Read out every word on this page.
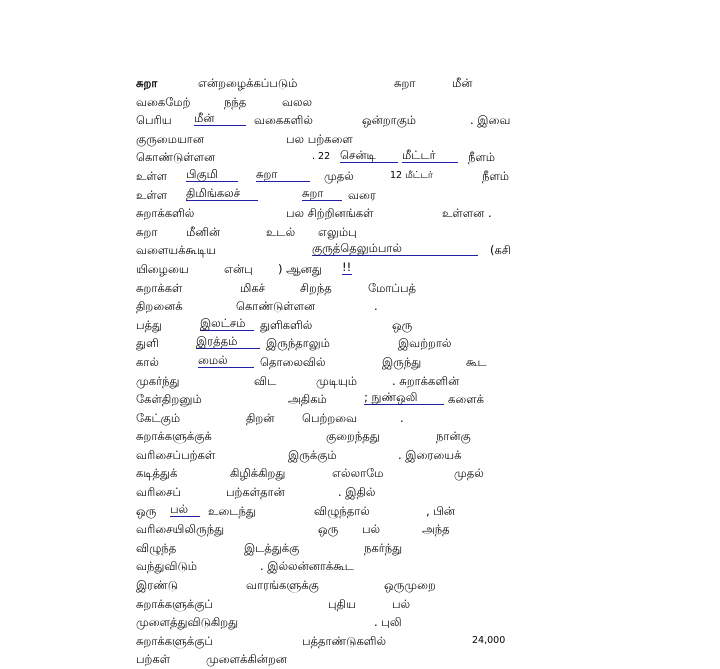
சுறா	என்றழைக்கப்படும்	சுறா	மீன்
வகைமேற்	நந்த	வலல
பெரிய மீன்	வகைகளில்	ஒன்றாகும்	. இவை
குருமையான	பல பற்களை
கொண்டுள்ளன	. 22 சென்டி	மீட்டர்	நீளம்
உள்ள பிகுமி	சுறா	முதல்	12 மீட்டர்	நீளம்
உள்ள திமிங்கலச்	சுறா	வரை
சுறாக்களில்	பல சிற்றினங்கள்	உள்ளன .
சுறா மீனின்	உடல் எலும்பு
வளையக்கூடிய	குருத்தெலும்பால்	(கசி
யிழையை	என்பு ) ஆனது !!
சுறாக்கள்	மிகச்	சிறந்த	மோப்பத்
திறனைக்	கொண்டுள்ளன	.
பத்து	இலட்சம்	துளிகளில்	ஒரு
துளி	இரத்தம்	இருந்தாலும்	இவற்றால்
கால்	மைல்	தொலைவில்	இருந்து	கூட
முகர்ந்து	விட	முடியும்	. சுறாக்களின்
கேள்திறனும்	அதிகம்	; நுண்ஒலி	களைக்
கேட்கும்	திறன் பெற்றவை	.
சுறாக்களுக்குக்	குறைந்தது	நான்கு
வரிசைப்பற்கள்	இருக்கும்	. இரையைக்
கடித்துக்	கிழிக்கிறது	எல்லாமே	முதல்
வரிசைப்	பற்கள்தான்	. இதில்
ஒரு பல்	உடைந்து	விழுந்தால்	, பின்
வரிசையிலிருந்து	ஒரு பல்	அந்த
விழுந்த	இடத்துக்கு	நகர்ந்து
வந்துவிடும்	. இல்லன்னாக்கூட
இரண்டு	வாரங்களுக்கு	ஒருமுறை
சுறாக்களுக்குப்	புதிய	பல்
முளைத்துவிடுகிறது	. புலி
சுறாக்களுக்குப்	பத்தாண்டுகளில்	24,000
பற்கள்	முளைக்கின்றன
